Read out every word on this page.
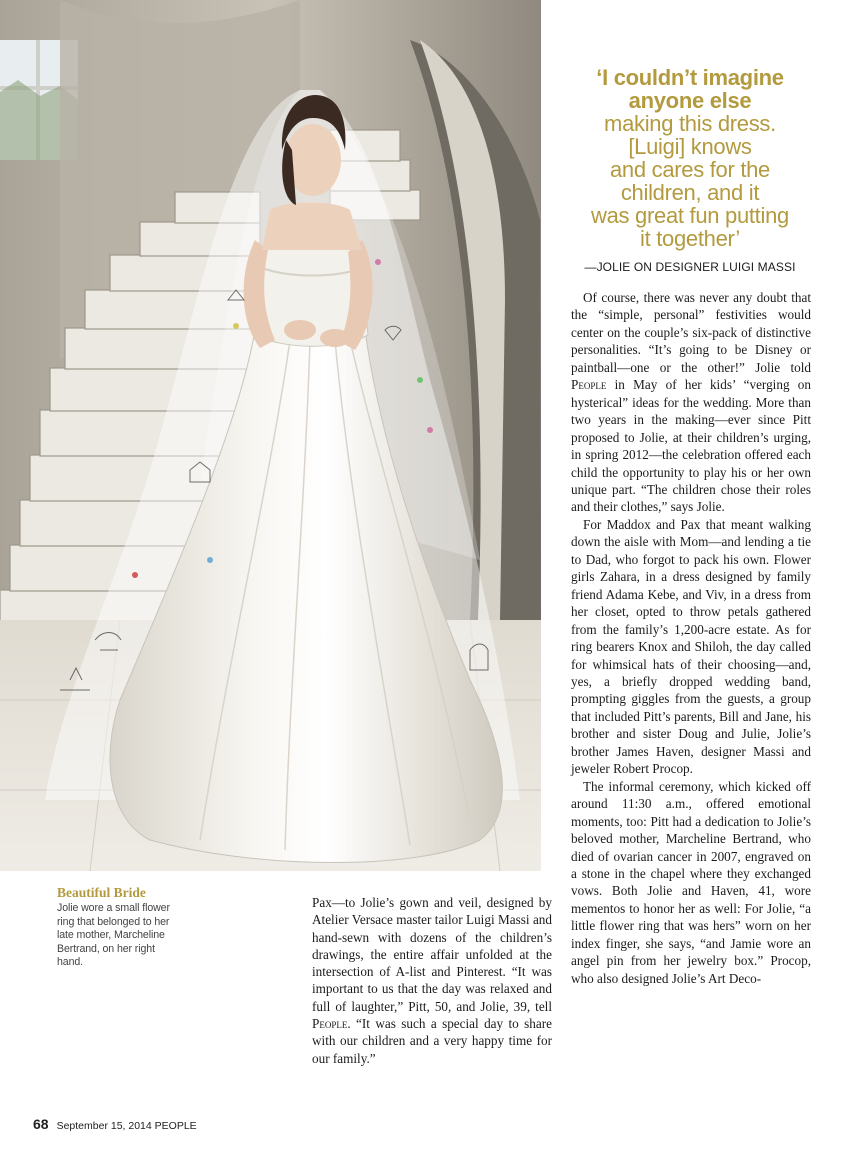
‘I couldn’t imagine
anyone else
making this dress.
[Luigi] knows
and cares for the
children, and it
was great fun putting
it together’
—JOLIE ON DESIGNER LUIGI MASSI

Of course, there was never any doubt that the “simple, personal” festivities would center on the couple’s six-pack of distinctive personalities. “It’s going to be Disney or paintball—one or the other!” Jolie told People in May of her kids’ “verging on hysterical” ideas for the wedding. More than two years in the making—ever since Pitt proposed to Jolie, at their children’s urging, in spring 2012—the celebration offered each child the opportunity to play his or her own unique part. “The children chose their roles and their clothes,” says Jolie.

For Maddox and Pax that meant walking down the aisle with Mom—and lending a tie to Dad, who forgot to pack his own. Flower girls Zahara, in a dress designed by family friend Adama Kebe, and Viv, in a dress from her closet, opted to throw petals gathered from the family’s 1,200-acre estate. As for ring bearers Knox and Shiloh, the day called for whimsical hats of their choosing—and, yes, a briefly dropped wedding band, prompting giggles from the guests, a group that included Pitt’s parents, Bill and Jane, his brother and sister Doug and Julie, Jolie’s brother James Haven, designer Massi and jeweler Robert Procop.

The informal ceremony, which kicked off around 11:30 a.m., offered emotional moments, too: Pitt had a dedication to Jolie’s beloved mother, Marcheline Bertrand, who died of ovarian cancer in 2007, engraved on a stone in the chapel where they exchanged vows. Both Jolie and Haven, 41, wore mementos to honor her as well: For Jolie, “a little flower ring that was hers” worn on her index finger, she says, “and Jamie wore an angel pin from her jewelry box.” Procop, who also designed Jolie’s Art Deco-

Beautiful Bride
Jolie wore a small flower ring that belonged to her late mother, Marcheline Bertrand, on her right hand.

Pax—to Jolie’s gown and veil, designed by Atelier Versace master tailor Luigi Massi and hand-sewn with dozens of the children’s drawings, the entire affair unfolded at the intersection of A-list and Pinterest. “It was important to us that the day was relaxed and full of laughter,” Pitt, 50, and Jolie, 39, tell People. “It was such a special day to share with our children and a very happy time for our family.”

68 September 15, 2014 PEOPLE
